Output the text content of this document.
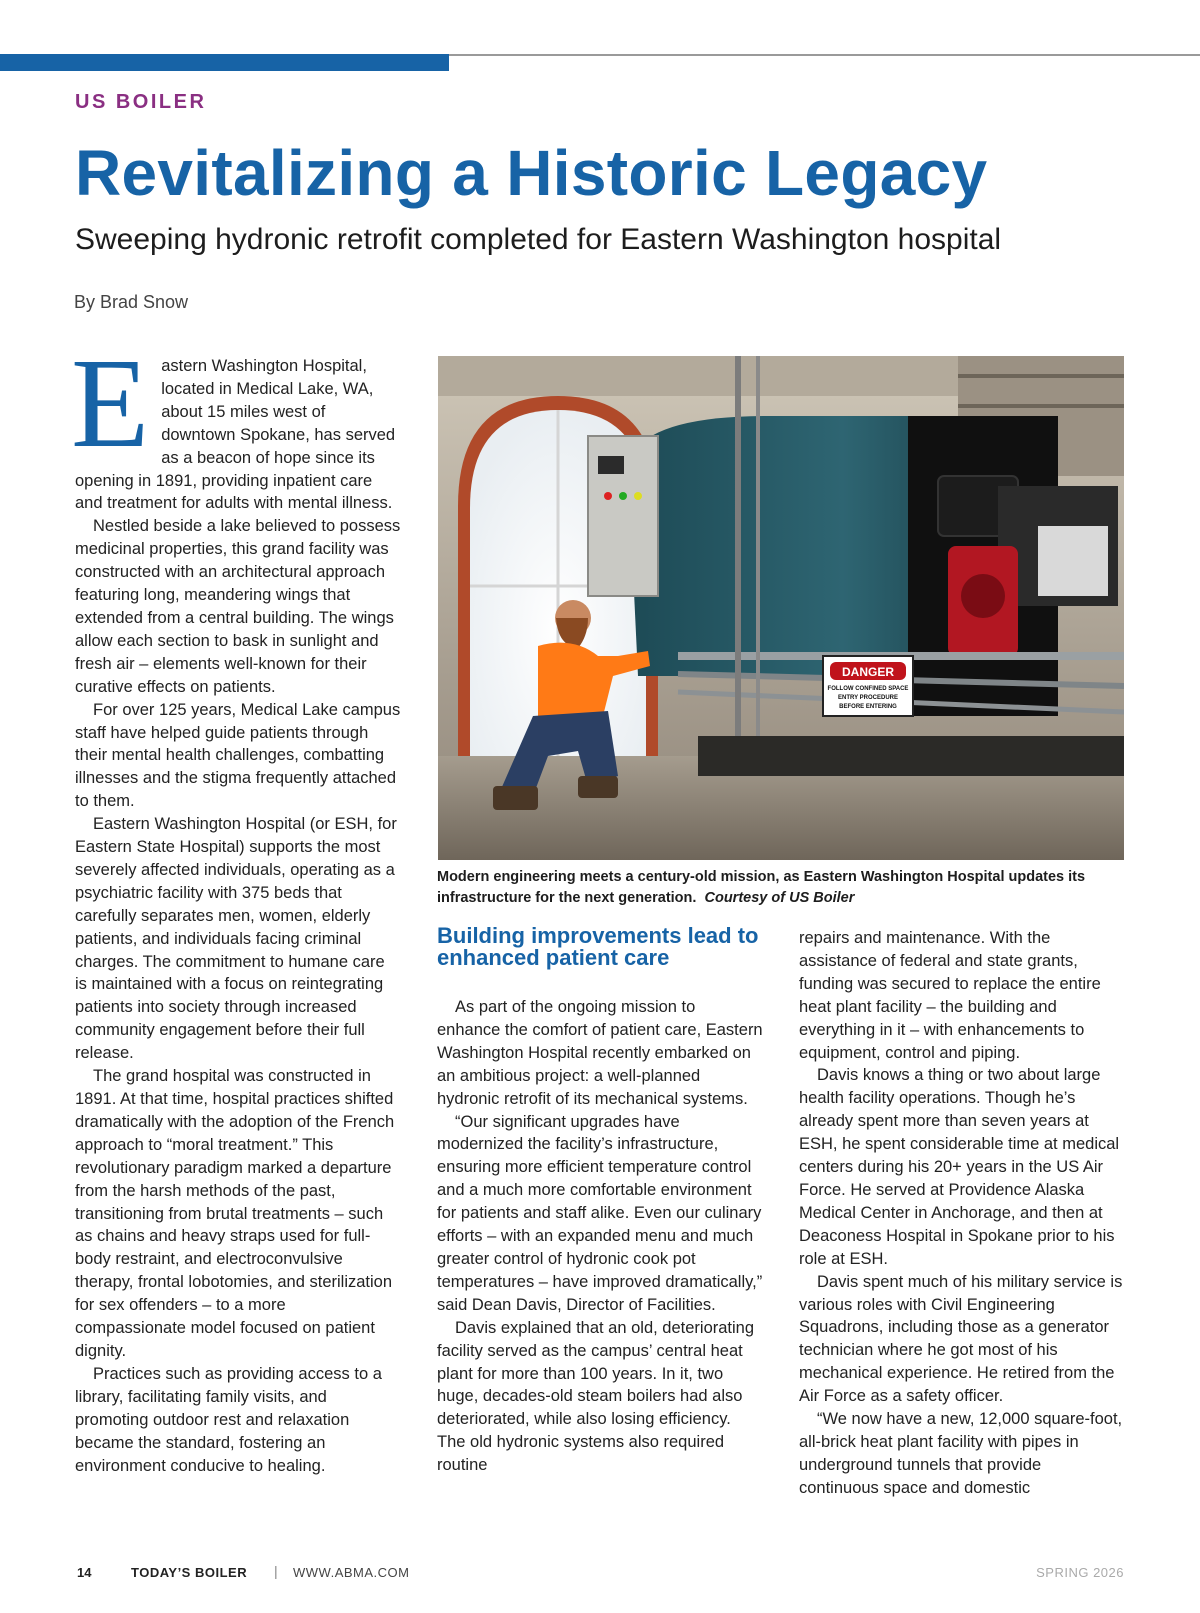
US BOILER
Revitalizing a Historic Legacy
Sweeping hydronic retrofit completed for Eastern Washington hospital
By Brad Snow

Eastern Washington Hospital, located in Medical Lake, WA, about 15 miles west of downtown Spokane, has served as a beacon of hope since its opening in 1891, providing inpatient care and treatment for adults with mental illness.

Nestled beside a lake believed to possess medicinal properties, this grand facility was constructed with an architectural approach featuring long, meandering wings that extended from a central building. The wings allow each section to bask in sunlight and fresh air – elements well-known for their curative effects on patients.

For over 125 years, Medical Lake campus staff have helped guide patients through their mental health challenges, combatting illnesses and the stigma frequently attached to them.

Eastern Washington Hospital (or ESH, for Eastern State Hospital) supports the most severely affected individuals, operating as a psychiatric facility with 375 beds that carefully separates men, women, elderly patients, and individuals facing criminal charges. The commitment to humane care is maintained with a focus on reintegrating patients into society through increased community engagement before their full release.

The grand hospital was constructed in 1891. At that time, hospital practices shifted dramatically with the adoption of the French approach to “moral treatment.” This revolutionary paradigm marked a departure from the harsh methods of the past, transitioning from brutal treatments – such as chains and heavy straps used for full-body restraint, and electroconvulsive therapy, frontal lobotomies, and sterilization for sex offenders – to a more compassionate model focused on patient dignity.

Practices such as providing access to a library, facilitating family visits, and promoting outdoor rest and relaxation became the standard, fostering an environment conducive to healing.

DANGER
FOLLOW CONFINED SPACE
ENTRY PROCEDURE
BEFORE ENTERING
Modern engineering meets a century-old mission, as Eastern Washington Hospital updates its infrastructure for the next generation. Courtesy of US Boiler
Building improvements lead to enhanced patient care

As part of the ongoing mission to enhance the comfort of patient care, Eastern Washington Hospital recently embarked on an ambitious project: a well-planned hydronic retrofit of its mechanical systems.

“Our significant upgrades have modernized the facility’s infrastructure, ensuring more efficient temperature control and a much more comfortable environment for patients and staff alike. Even our culinary efforts – with an expanded menu and much greater control of hydronic cook pot temperatures – have improved dramatically,” said Dean Davis, Director of Facilities.

Davis explained that an old, deteriorating facility served as the campus’ central heat plant for more than 100 years. In it, two huge, decades-old steam boilers had also deteriorated, while also losing efficiency. The old hydronic systems also required routine

repairs and maintenance. With the assistance of federal and state grants, funding was secured to replace the entire heat plant facility – the building and everything in it – with enhancements to equipment, control and piping.

Davis knows a thing or two about large health facility operations. Though he’s already spent more than seven years at ESH, he spent considerable time at medical centers during his 20+ years in the US Air Force. He served at Providence Alaska Medical Center in Anchorage, and then at Deaconess Hospital in Spokane prior to his role at ESH.

Davis spent much of his military service is various roles with Civil Engineering Squadrons, including those as a generator technician where he got most of his mechanical experience. He retired from the Air Force as a safety officer.

“We now have a new, 12,000 square-foot, all-brick heat plant facility with pipes in underground tunnels that provide continuous space and domestic

14	TODAY’S BOILER | WWW.ABMA.COM	SPRING 2026
